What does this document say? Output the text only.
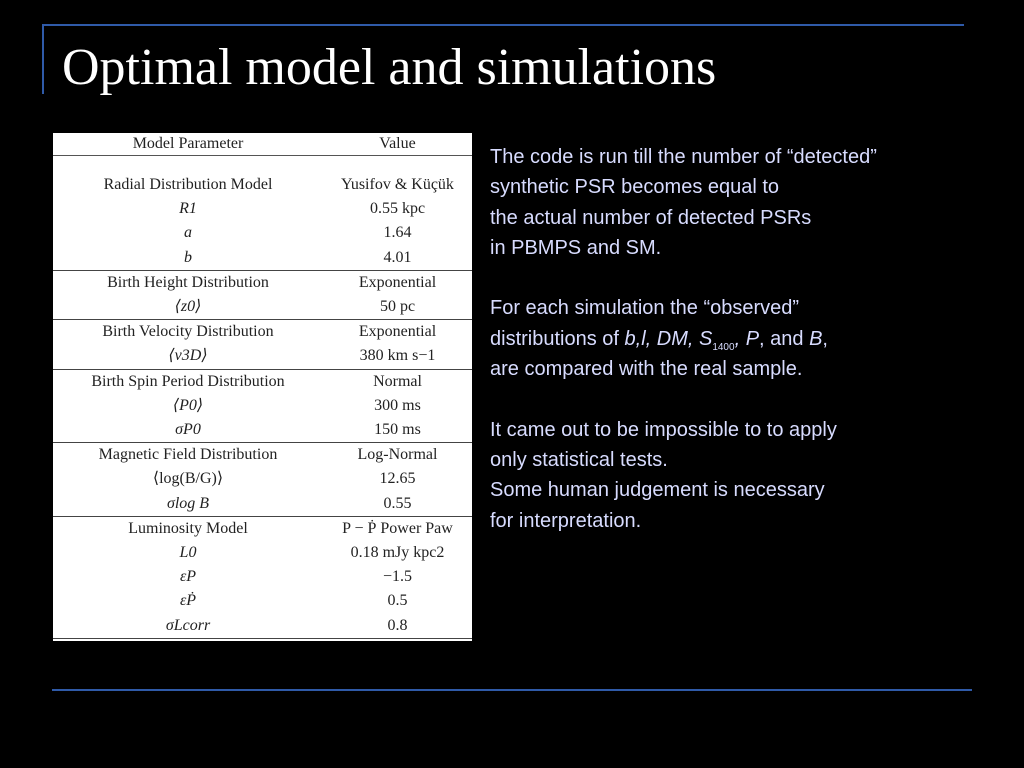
Optimal model and simulations
Model Parameter	Value

Radial Distribution Model	Yusifov & Küçük
R1	0.55 kpc
a	1.64
b	4.01
Birth Height Distribution	Exponential
⟨z0⟩	50 pc
Birth Velocity Distribution	Exponential
⟨v3D⟩	380 km s−1
Birth Spin Period Distribution	Normal
⟨P0⟩	300 ms
σP0	150 ms
Magnetic Field Distribution	Log-Normal
⟨log(B/G)⟩	12.65
σlog B	0.55
Luminosity Model	P − Ṗ Power Paw
L0	0.18 mJy kpc2
εP	−1.5
εṖ	0.5
σLcorr	0.8

The code is run till the number of “detected”

synthetic PSR becomes equal to

the actual number of detected PSRs

in PBMPS and SM.

For each simulation the “observed”

distributions of b,l, DM, $S_{1400}$, P, and B,

are compared with the real sample.

It came out to be impossible to to apply

only statistical tests.

Some human judgement is necessary

for interpretation.
